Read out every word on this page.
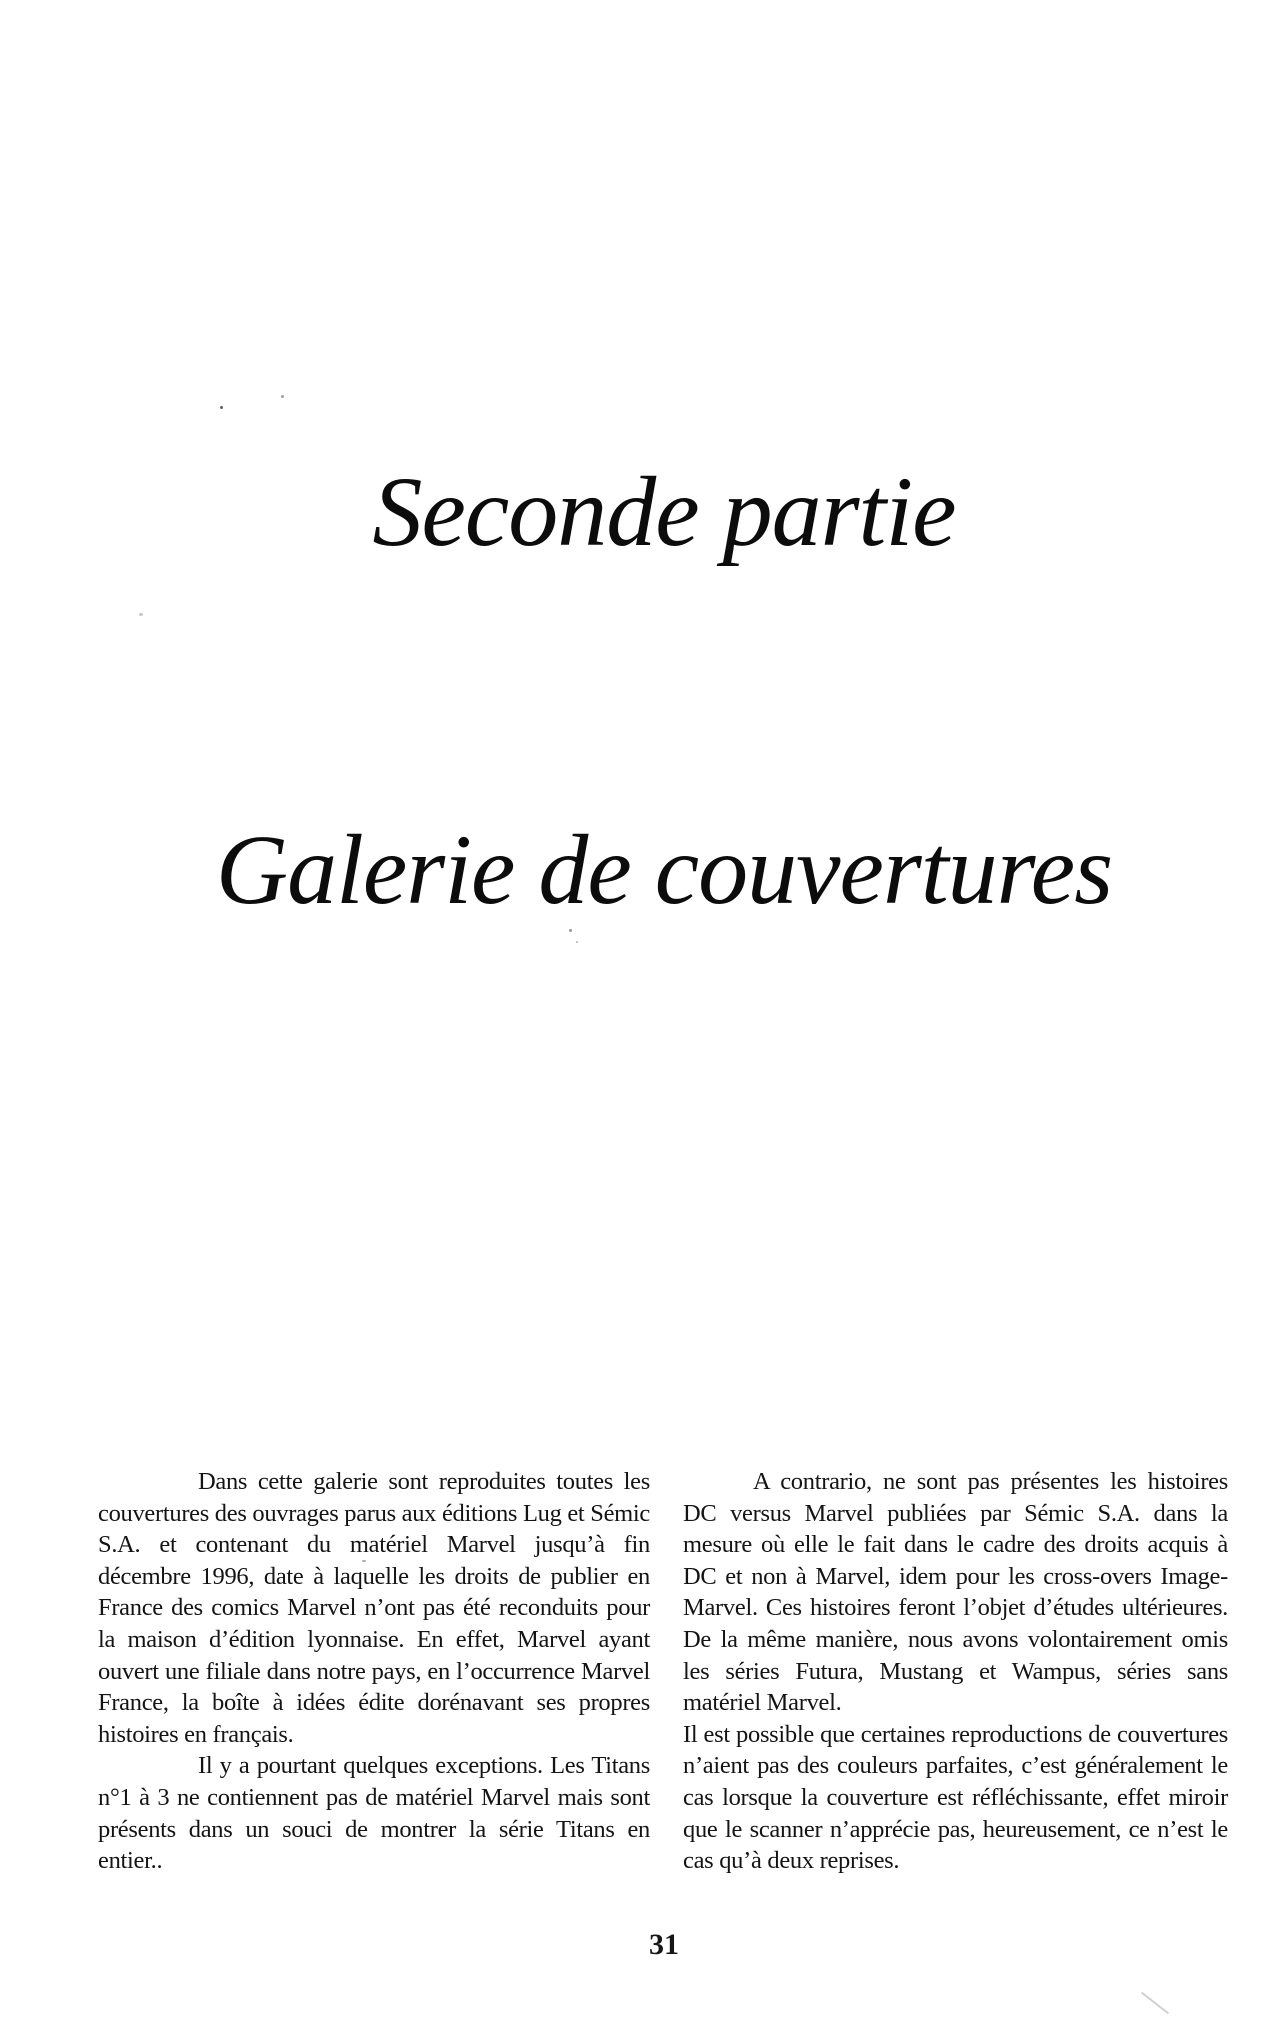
Seconde partie
Galerie de couvertures

Dans cette galerie sont reproduites toutes les couvertures des ouvrages parus aux éditions Lug et Sémic S.A. et contenant du matériel Marvel jusqu’à fin décembre 1996, date à laquelle les droits de publier en France des comics Marvel n’ont pas été reconduits pour la maison d’édition lyonnaise. En effet, Marvel ayant ouvert une filiale dans notre pays, en l’occurrence Marvel France, la boîte à idées édite dorénavant ses propres histoires en français.

Il y a pourtant quelques exceptions. Les Titans n°1 à 3 ne contiennent pas de matériel Marvel mais sont présents dans un souci de montrer la série Titans en entier..

A contrario, ne sont pas présentes les histoires DC versus Marvel publiées par Sémic S.A. dans la mesure où elle le fait dans le cadre des droits acquis à DC et non à Marvel, idem pour les cross-overs Image-Marvel. Ces histoires feront l’objet d’études ultérieures. De la même manière, nous avons volontairement omis les séries Futura, Mustang et Wampus, séries sans matériel Marvel.

Il est possible que certaines reproductions de couvertures n’aient pas des couleurs parfaites, c’est généralement le cas lorsque la couverture est réfléchissante, effet miroir que le scanner n’apprécie pas, heureusement, ce n’est le cas qu’à deux reprises.

31
